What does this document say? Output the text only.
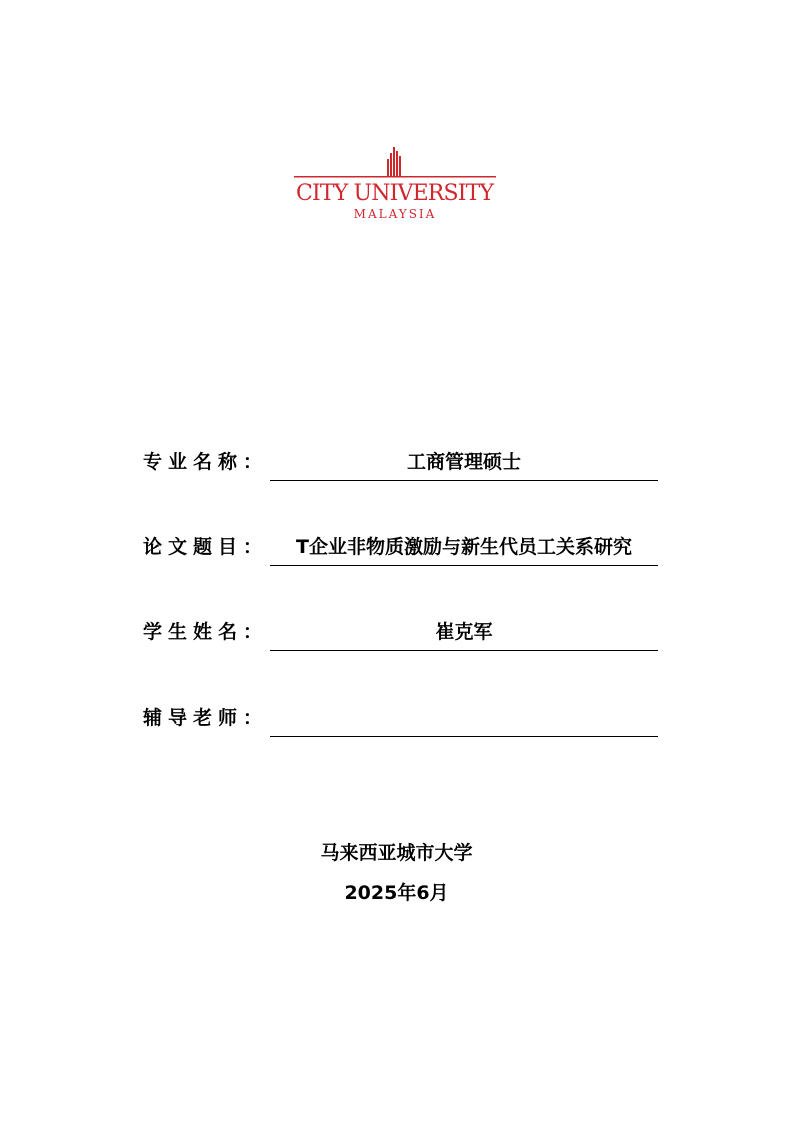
CITY UNIVERSITY
MALAYSIA
专业名称：	工商管理硕士
论文题目：	T企业非物质激励与新生代员工关系研究
学生姓名：	崔克军
辅导老师：
马来西亚城市大学
2025年6月
